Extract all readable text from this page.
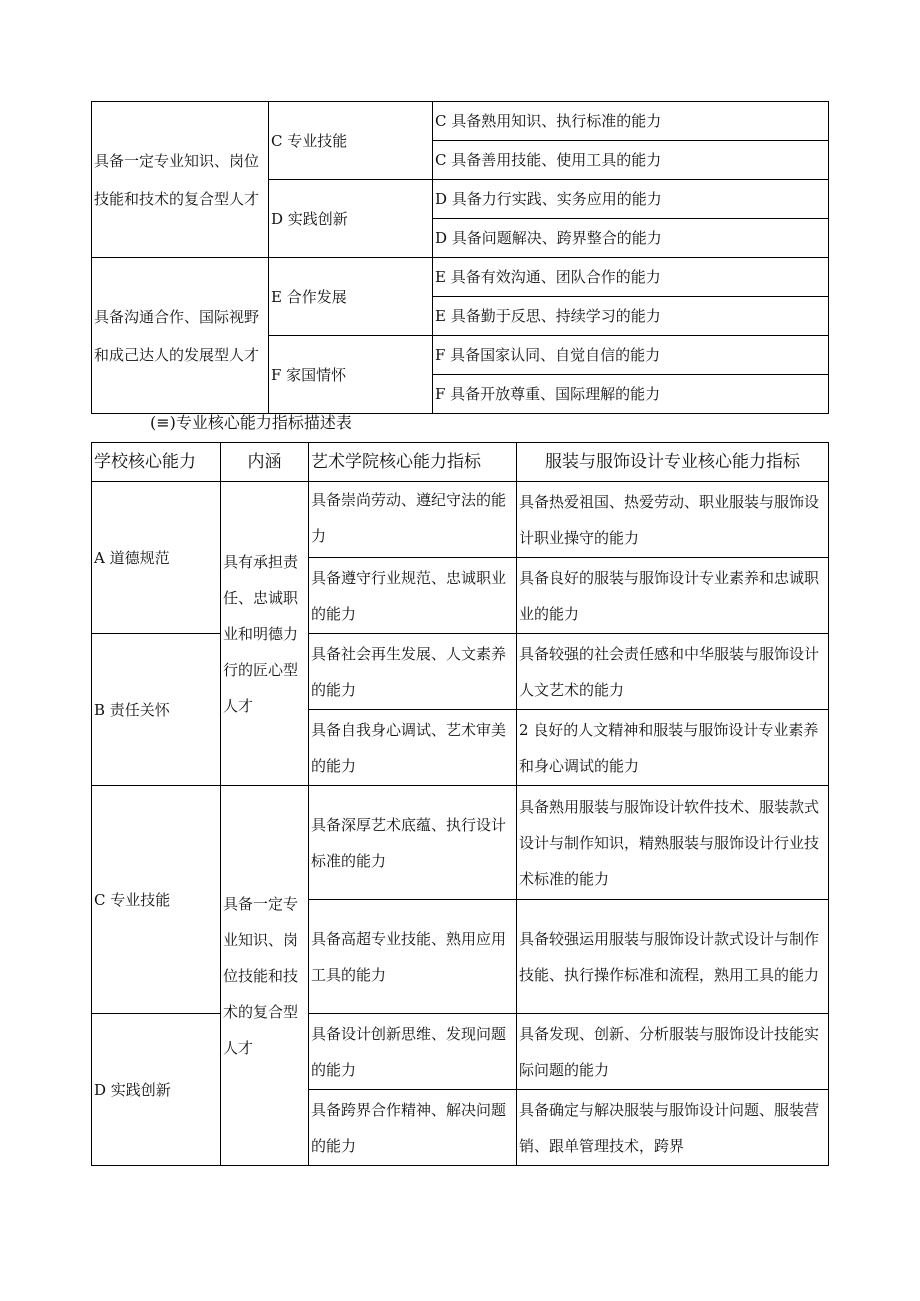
具备一定专业知识、岗位技能和技术的复合型人才	C 专业技能	C 具备熟用知识、执行标准的能力
		C 具备善用技能、使用工具的能力
	D 实践创新	D 具备力行实践、实务应用的能力
		D 具备问题解决、跨界整合的能力
具备沟通合作、国际视野和成己达人的发展型人才	E 合作发展	E 具备有效沟通、团队合作的能力
		E 具备勤于反思、持续学习的能力
	F 家国情怀	F 具备国家认同、自觉自信的能力
		F 具备开放尊重、国际理解的能力
(≡)专业核心能力指标描述表
学校核心能力	内涵	艺术学院核心能力指标	服装与服饰设计专业核心能力指标
A 道德规范	具有承担责任、忠诚职业和明德力行的匠心型人才	具备崇尚劳动、遵纪守法的能力	具备热爱祖国、热爱劳动、职业服装与服饰设计职业操守的能力
		具备遵守行业规范、忠诚职业的能力	具备良好的服装与服饰设计专业素养和忠诚职业的能力
B 责任关怀		具备社会再生发展、人文素养的能力	具备较强的社会责任感和中华服装与服饰设计人文艺术的能力
		具备自我身心调试、艺术审美的能力	2 良好的人文精神和服装与服饰设计专业素养和身心调试的能力
C 专业技能	具备一定专业知识、岗位技能和技术的复合型人才	具备深厚艺术底蕴、执行设计标准的能力	具备熟用服装与服饰设计软件技术、服装款式设计与制作知识，精熟服装与服饰设计行业技术标准的能力
		具备高超专业技能、熟用应用工具的能力	具备较强运用服装与服饰设计款式设计与制作技能、执行操作标准和流程，熟用工具的能力
D 实践创新		具备设计创新思维、发现问题的能力	具备发现、创新、分析服装与服饰设计技能实际问题的能力
		具备跨界合作精神、解决问题的能力	具备确定与解决服装与服饰设计问题、服装营销、跟单管理技术，跨界
